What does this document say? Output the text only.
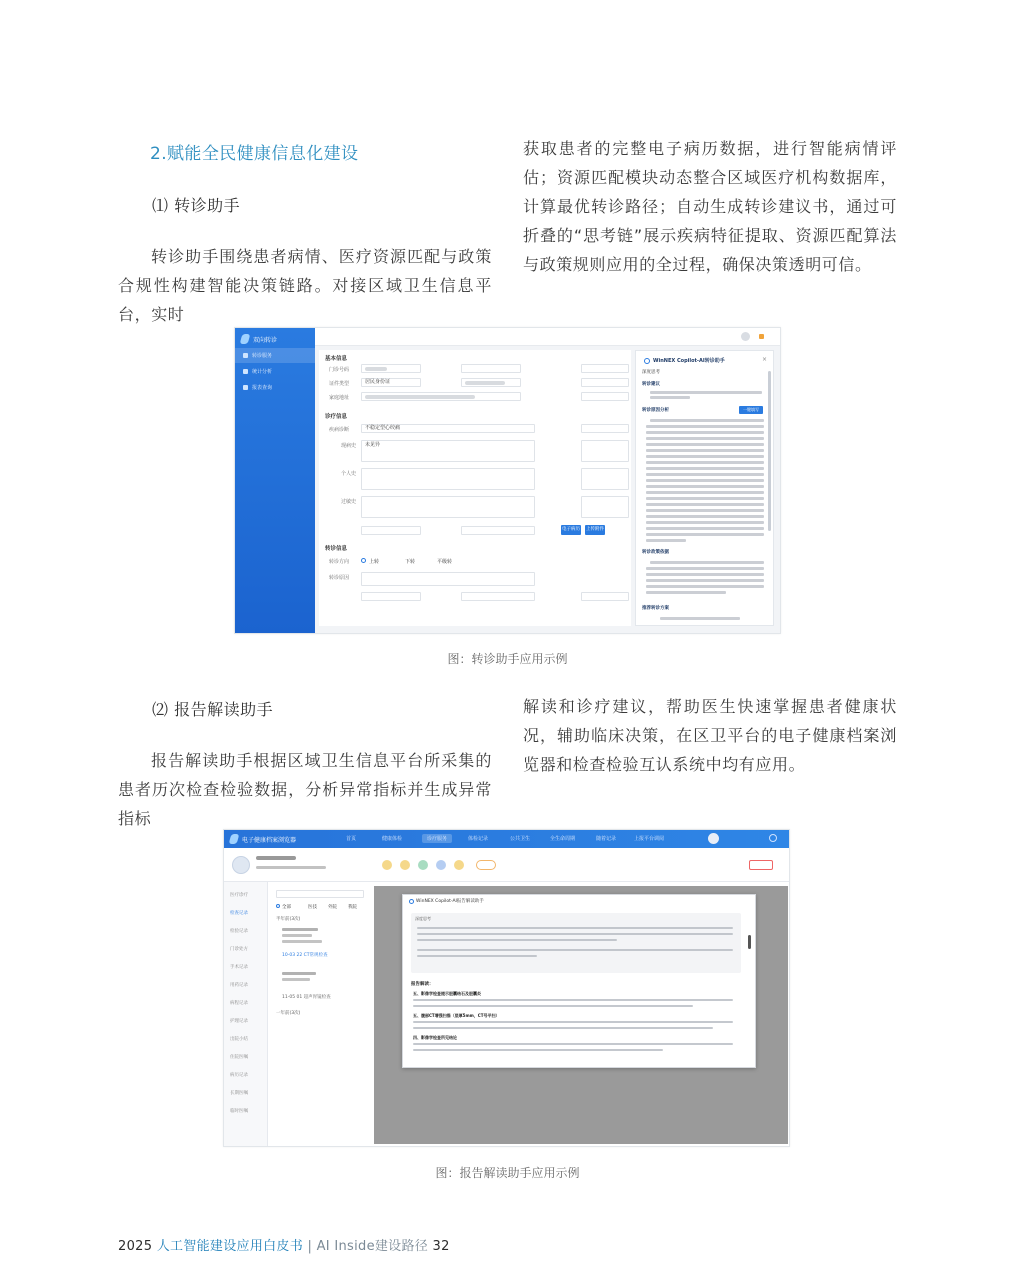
2.赋能全民健康信息化建设
⑴ 转诊助手
转诊助手围绕患者病情、医疗资源匹配与政策合规性构建智能决策链路。对接区域卫生信息平台，实时
获取患者的完整电子病历数据，进行智能病情评估；资源匹配模块动态整合区域医疗机构数据库，计算最优转诊路径；自动生成转诊建议书，通过可折叠的“思考链”展示疾病特征提取、资源匹配算法与政策规则应用的全过程，确保决策透明可信。
双向转诊
转诊服务
统计分析
报表查询
基本信息
门诊号码
证件类型	居民身份证
家庭地址
诊疗信息
疾病诊断	不稳定型心绞痛
现病史	未见异
个人史
过敏史
电子病历 上传附件
转诊信息
转诊方向	上转	下转	平级转
转诊原因
WinNEX Copilot-AI转诊助手	×
深度思考
转诊建议
转诊原因分析	一键填写
转诊政策依据
推荐转诊方案
图：转诊助手应用示例
⑵ 报告解读助手
报告解读助手根据区域卫生信息平台所采集的患者历次检查检验数据，分析异常指标并生成异常指标
解读和诊疗建议，帮助医生快速掌握患者健康状况，辅助临床决策，在区卫平台的电子健康档案浏览器和检查检验互认系统中均有应用。
电子健康档案浏览器	首页	健康体检	诊疗服务	体检记录	公共卫生	全生命周期	随着记录	上报平台调阅
医疗诊疗
检查记录
检验记录
门诊处方
手术记录
用药记录
病程记录
护理记录
出院小结
住院医嘱
病历记录
长期医嘱
临时医嘱
全部	医技 外院 我院
半年前(3次)
10-03 22 CT常规检查
11-05 01 超声胃镜检查
一年前(3次)
WinNEX Copilot-AI报告解读助手
深度思考
报告解读：
五、影像学检查提示胆囊结石及胆囊炎
五、腹部CT增强扫描（层厚5mm，CT号平扫）
四、影像学检查所见结论
图：报告解读助手应用示例
2025 人工智能建设应用白皮书 | AI Inside建设路径 32
